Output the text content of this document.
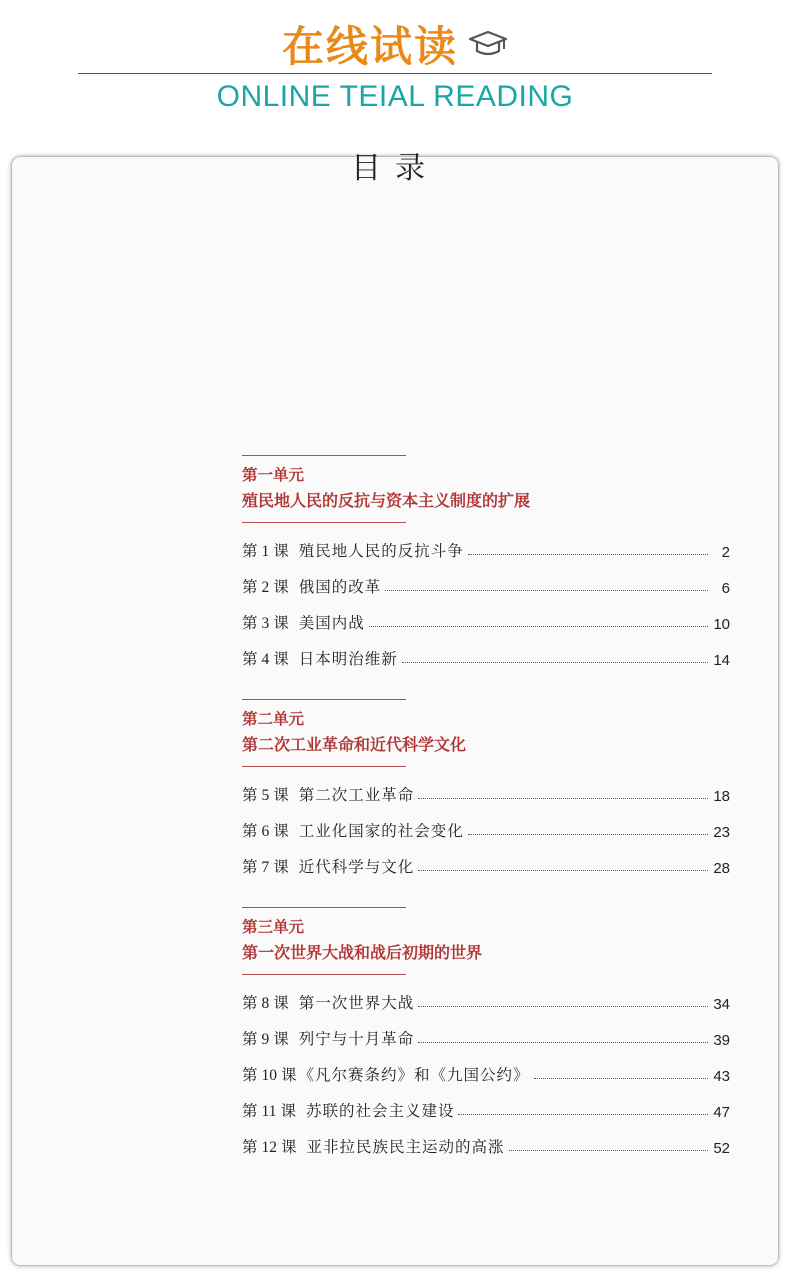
在线试读
ONLINE TEIAL READING
目录
第一单元
殖民地人民的反抗与资本主义制度的扩展
第 1 课 殖民地人民的反抗斗争	2
第 2 课 俄国的改革	6
第 3 课 美国内战	10
第 4 课 日本明治维新	14
第二单元
第二次工业革命和近代科学文化
第 5 课 第二次工业革命	18
第 6 课 工业化国家的社会变化	23
第 7 课 近代科学与文化	28
第三单元
第一次世界大战和战后初期的世界
第 8 课 第一次世界大战	34
第 9 课 列宁与十月革命	39
第 10 课 《凡尔赛条约》和《九国公约》	43
第 11 课 苏联的社会主义建设	47
第 12 课 亚非拉民族民主运动的高涨	52
